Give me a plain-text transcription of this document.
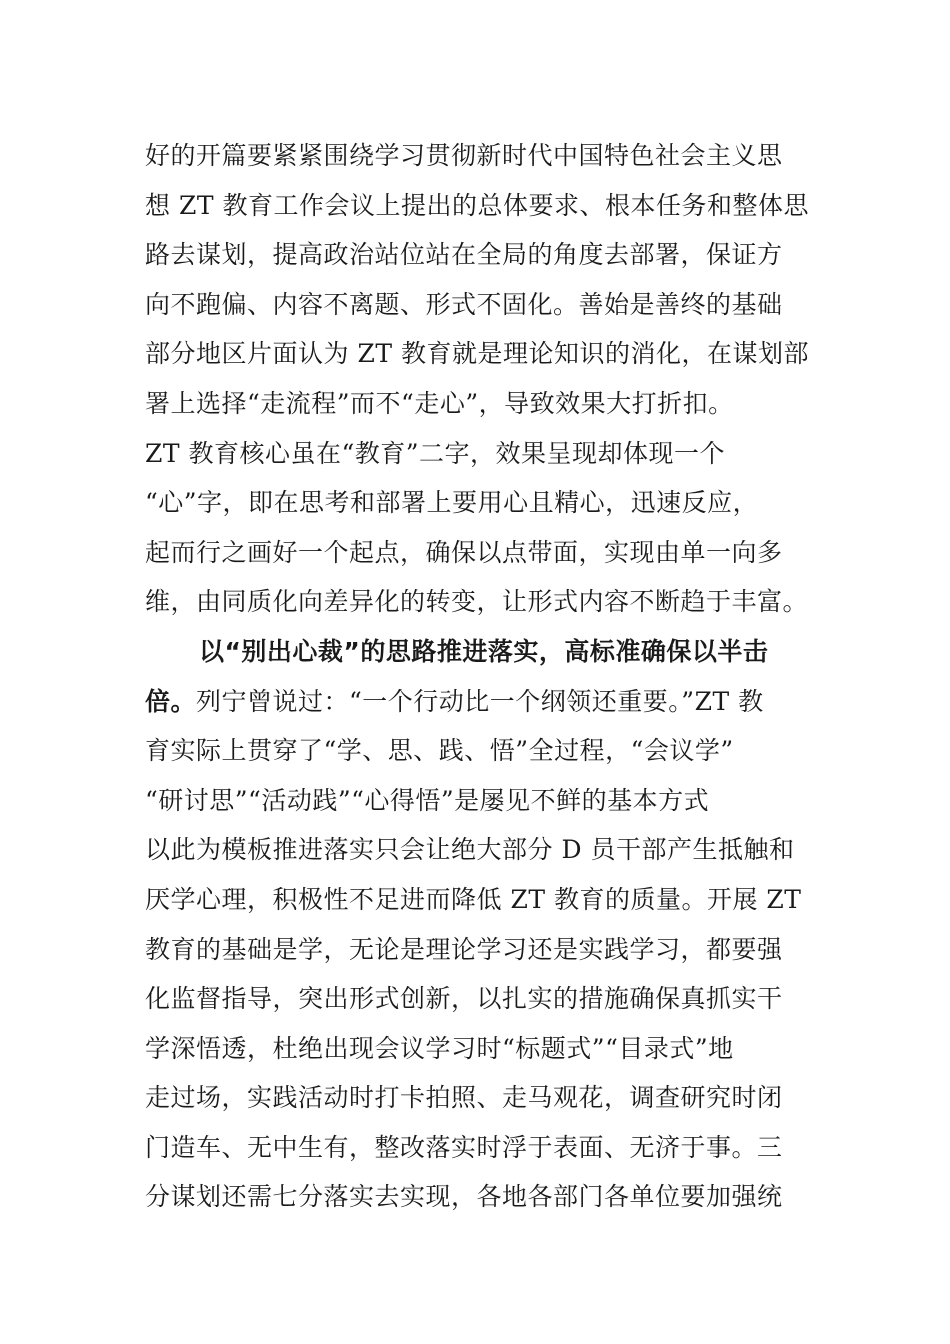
好的开篇要紧紧围绕学习贯彻新时代中国特色社会主义思
想 ZT 教育工作会议上提出的总体要求、根本任务和整体思
路去谋划，提高政治站位站在全局的角度去部署，保证方
向不跑偏、内容不离题、形式不固化。善始是善终的基础
部分地区片面认为 ZT 教育就是理论知识的消化，在谋划部
署上选择“走流程”而不“走心”，导致效果大打折扣。
ZT 教育核心虽在“教育”二字，效果呈现却体现一个
“心”字，即在思考和部署上要用心且精心，迅速反应，
起而行之画好一个起点，确保以点带面，实现由单一向多
维，由同质化向差异化的转变，让形式内容不断趋于丰富。
以“别出心裁”的思路推进落实，高标准确保以半击
倍。列宁曾说过：“一个行动比一个纲领还重要。”ZT 教
育实际上贯穿了“学、思、践、悟”全过程，“会议学”
“研讨思”“活动践”“心得悟”是屡见不鲜的基本方式
以此为模板推进落实只会让绝大部分 D 员干部产生抵触和
厌学心理，积极性不足进而降低 ZT 教育的质量。开展 ZT
教育的基础是学，无论是理论学习还是实践学习，都要强
化监督指导，突出形式创新，以扎实的措施确保真抓实干
学深悟透，杜绝出现会议学习时“标题式”“目录式”地
走过场，实践活动时打卡拍照、走马观花，调查研究时闭
门造车、无中生有，整改落实时浮于表面、无济于事。三
分谋划还需七分落实去实现，各地各部门各单位要加强统
